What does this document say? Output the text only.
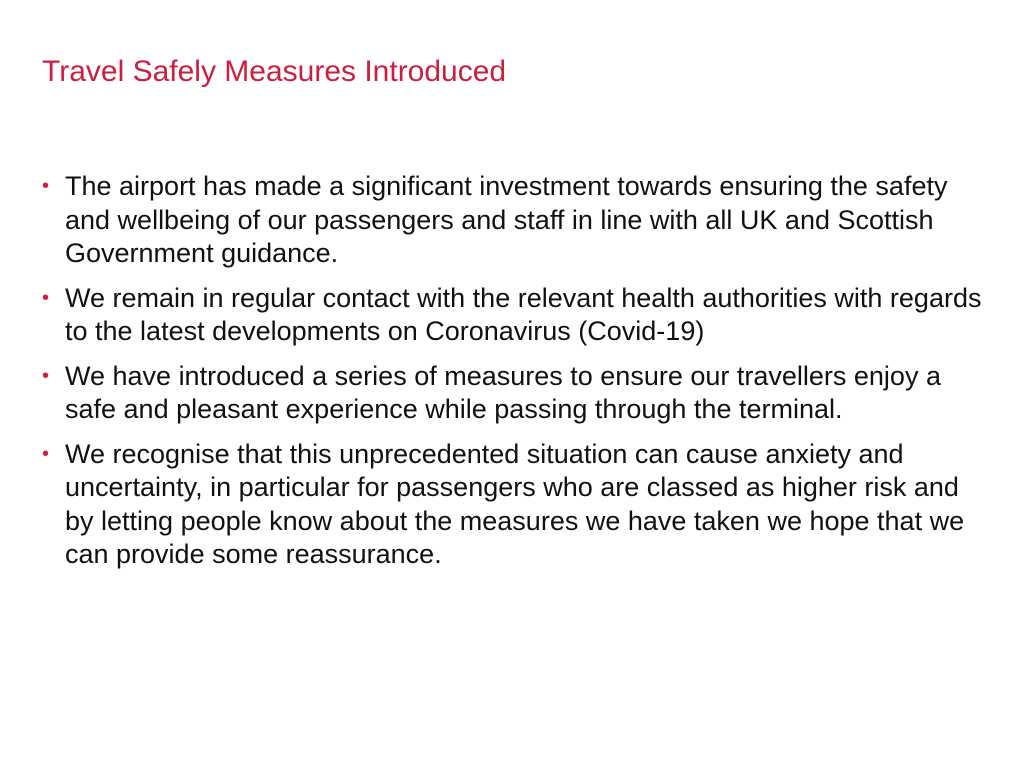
Travel Safely Measures Introduced
• The airport has made a significant investment towards ensuring the safety and wellbeing of our passengers and staff in line with all UK and Scottish Government guidance.
• We remain in regular contact with the relevant health authorities with regards to the latest developments on Coronavirus (Covid-19)
• We have introduced a series of measures to ensure our travellers enjoy a safe and pleasant experience while passing through the terminal.
• We recognise that this unprecedented situation can cause anxiety and uncertainty, in particular for passengers who are classed as higher risk and by letting people know about the measures we have taken we hope that we can provide some reassurance.
